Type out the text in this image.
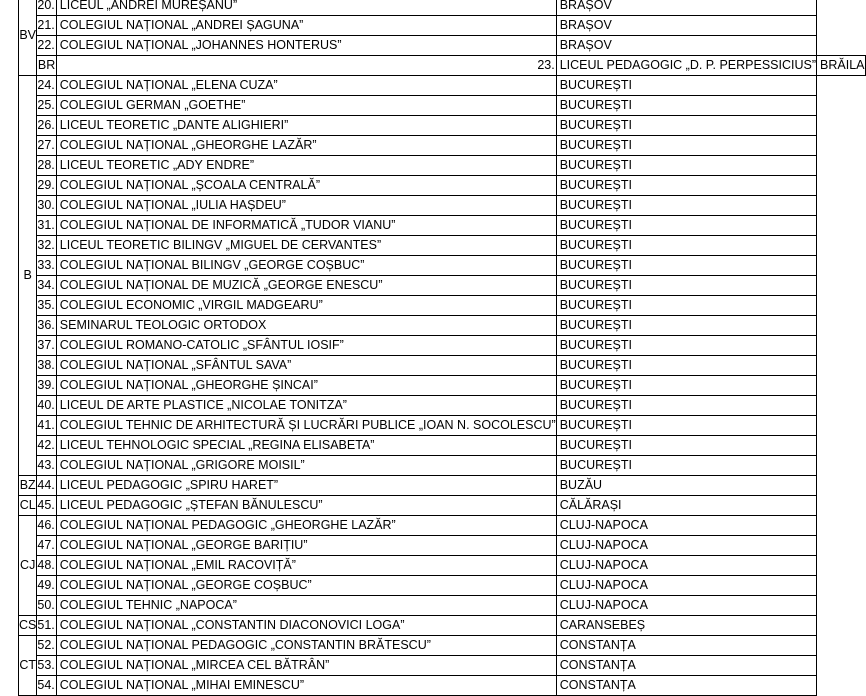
BV	20.	LICEUL „ANDREI MUREȘANU”	BRAȘOV	
	21.	COLEGIUL NAȚIONAL „ANDREI ȘAGUNA”	BRAȘOV	
	22.	COLEGIUL NAȚIONAL „JOHANNES HONTERUS”	BRAȘOV	
	BR	23.	LICEUL PEDAGOGIC „D. P. PERPESSICIUS”	BRĂILA
B	24.	COLEGIUL NAȚIONAL „ELENA CUZA”	BUCUREȘTI	
	25.	COLEGIUL GERMAN „GOETHE”	BUCUREȘTI	
	26.	LICEUL TEORETIC „DANTE ALIGHIERI”	BUCUREȘTI	
	27.	COLEGIUL NAȚIONAL „GHEORGHE LAZĂR”	BUCUREȘTI	
	28.	LICEUL TEORETIC „ADY ENDRE”	BUCUREȘTI	
	29.	COLEGIUL NAȚIONAL „ȘCOALA CENTRALĂ”	BUCUREȘTI	
	30.	COLEGIUL NAȚIONAL „IULIA HAȘDEU”	BUCUREȘTI	
	31.	COLEGIUL NAȚIONAL DE INFORMATICĂ „TUDOR VIANU”	BUCUREȘTI	
	32.	LICEUL TEORETIC BILINGV „MIGUEL DE CERVANTES”	BUCUREȘTI	
	33.	COLEGIUL NAȚIONAL BILINGV „GEORGE COȘBUC”	BUCUREȘTI	
	34.	COLEGIUL NAȚIONAL DE MUZICĂ „GEORGE ENESCU”	BUCUREȘTI	
	35.	COLEGIUL ECONOMIC „VIRGIL MADGEARU”	BUCUREȘTI	
	36.	SEMINARUL TEOLOGIC ORTODOX	BUCUREȘTI	
	37.	COLEGIUL ROMANO-CATOLIC „SFÂNTUL IOSIF”	BUCUREȘTI	
	38.	COLEGIUL NAȚIONAL „SFÂNTUL SAVA”	BUCUREȘTI	
	39.	COLEGIUL NAȚIONAL „GHEORGHE ȘINCAI”	BUCUREȘTI	
	40.	LICEUL DE ARTE PLASTICE „NICOLAE TONITZA”	BUCUREȘTI	
	41.	COLEGIUL TEHNIC DE ARHITECTURĂ ȘI LUCRĂRI PUBLICE „IOAN N. SOCOLESCU”	BUCUREȘTI	
	42.	LICEUL TEHNOLOGIC SPECIAL „REGINA ELISABETA”	BUCUREȘTI	
	43.	COLEGIUL NAȚIONAL „GRIGORE MOISIL”	BUCUREȘTI	
BZ	44.	LICEUL PEDAGOGIC „SPIRU HARET”	BUZĂU	
CL	45.	LICEUL PEDAGOGIC „ȘTEFAN BĂNULESCU”	CĂLĂRAȘI	
CJ	46.	COLEGIUL NAȚIONAL PEDAGOGIC „GHEORGHE LAZĂR”	CLUJ-NAPOCA	
	47.	COLEGIUL NAȚIONAL „GEORGE BARIȚIU”	CLUJ-NAPOCA	
	48.	COLEGIUL NAȚIONAL „EMIL RACOVIȚĂ”	CLUJ-NAPOCA	
	49.	COLEGIUL NAȚIONAL „GEORGE COȘBUC”	CLUJ-NAPOCA	
	50.	COLEGIUL TEHNIC „NAPOCA”	CLUJ-NAPOCA	
CS	51.	COLEGIUL NAȚIONAL „CONSTANTIN DIACONOVICI LOGA”	CARANSEBEȘ	
CT	52.	COLEGIUL NAȚIONAL PEDAGOGIC „CONSTANTIN BRĂTESCU”	CONSTANȚA	
	53.	COLEGIUL NAȚIONAL „MIRCEA CEL BĂTRÂN”	CONSTANȚA	
	54.	COLEGIUL NAȚIONAL „MIHAI EMINESCU”	CONSTANȚA	
